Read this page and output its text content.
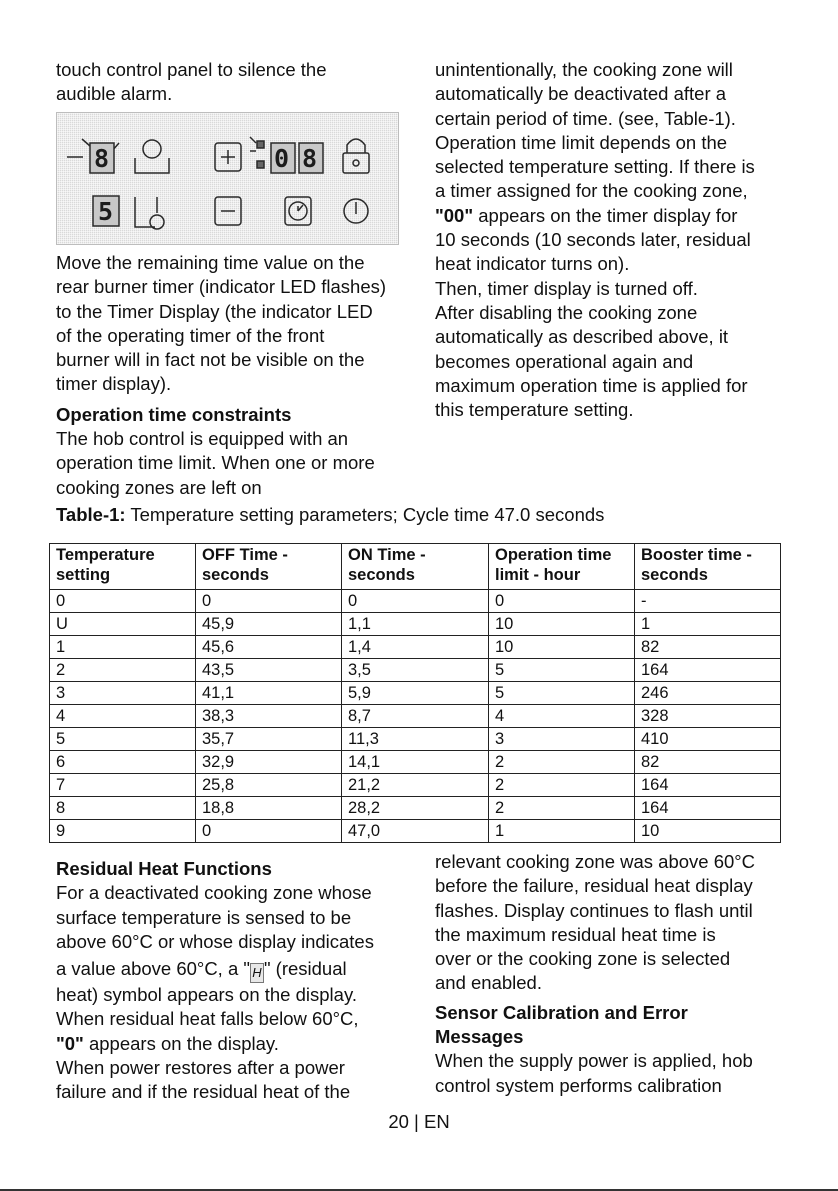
touch control panel to silence the

audible alarm.

8	08
5

Move the remaining time value on the

rear burner timer (indicator LED flashes)

to the Timer Display (the indicator LED

of the operating timer of the front

burner will in fact not be visible on the

timer display).

Operation time constraints

The hob control is equipped with an

operation time limit. When one or more

cooking zones are left on

unintentionally, the cooking zone will

automatically be deactivated after a

certain period of time. (see, Table-1).

Operation time limit depends on the

selected temperature setting. If there is

a timer assigned for the cooking zone,

"00" appears on the timer display for

10 seconds (10 seconds later, residual

heat indicator turns on).

Then, timer display is turned off.

After disabling the cooking zone

automatically as described above, it

becomes operational again and

maximum operation time is applied for

this temperature setting.

Table-1: Temperature setting parameters; Cycle time 47.0 seconds
Temperature
setting	OFF Time -
seconds	ON Time -
seconds	Operation time
limit - hour	Booster time -
seconds
0	0	0	0	-
U	45,9	1,1	10	1
1	45,6	1,4	10	82
2	43,5	3,5	5	164
3	41,1	5,9	5	246
4	38,3	8,7	4	328
5	35,7	11,3	3	410
6	32,9	14,1	2	82
7	25,8	21,2	2	164
8	18,8	28,2	2	164
9	0	47,0	1	10

Residual Heat Functions

For a deactivated cooking zone whose

surface temperature is sensed to be

above 60°C or whose display indicates

a value above 60°C, a " H " (residual

heat) symbol appears on the display.

When residual heat falls below 60°C,

"0" appears on the display.

When power restores after a power

failure and if the residual heat of the

relevant cooking zone was above 60°C

before the failure, residual heat display

flashes. Display continues to flash until

the maximum residual heat time is

over or the cooking zone is selected

and enabled.

Sensor Calibration and Error

Messages

When the supply power is applied, hob

control system performs calibration

20 | EN
